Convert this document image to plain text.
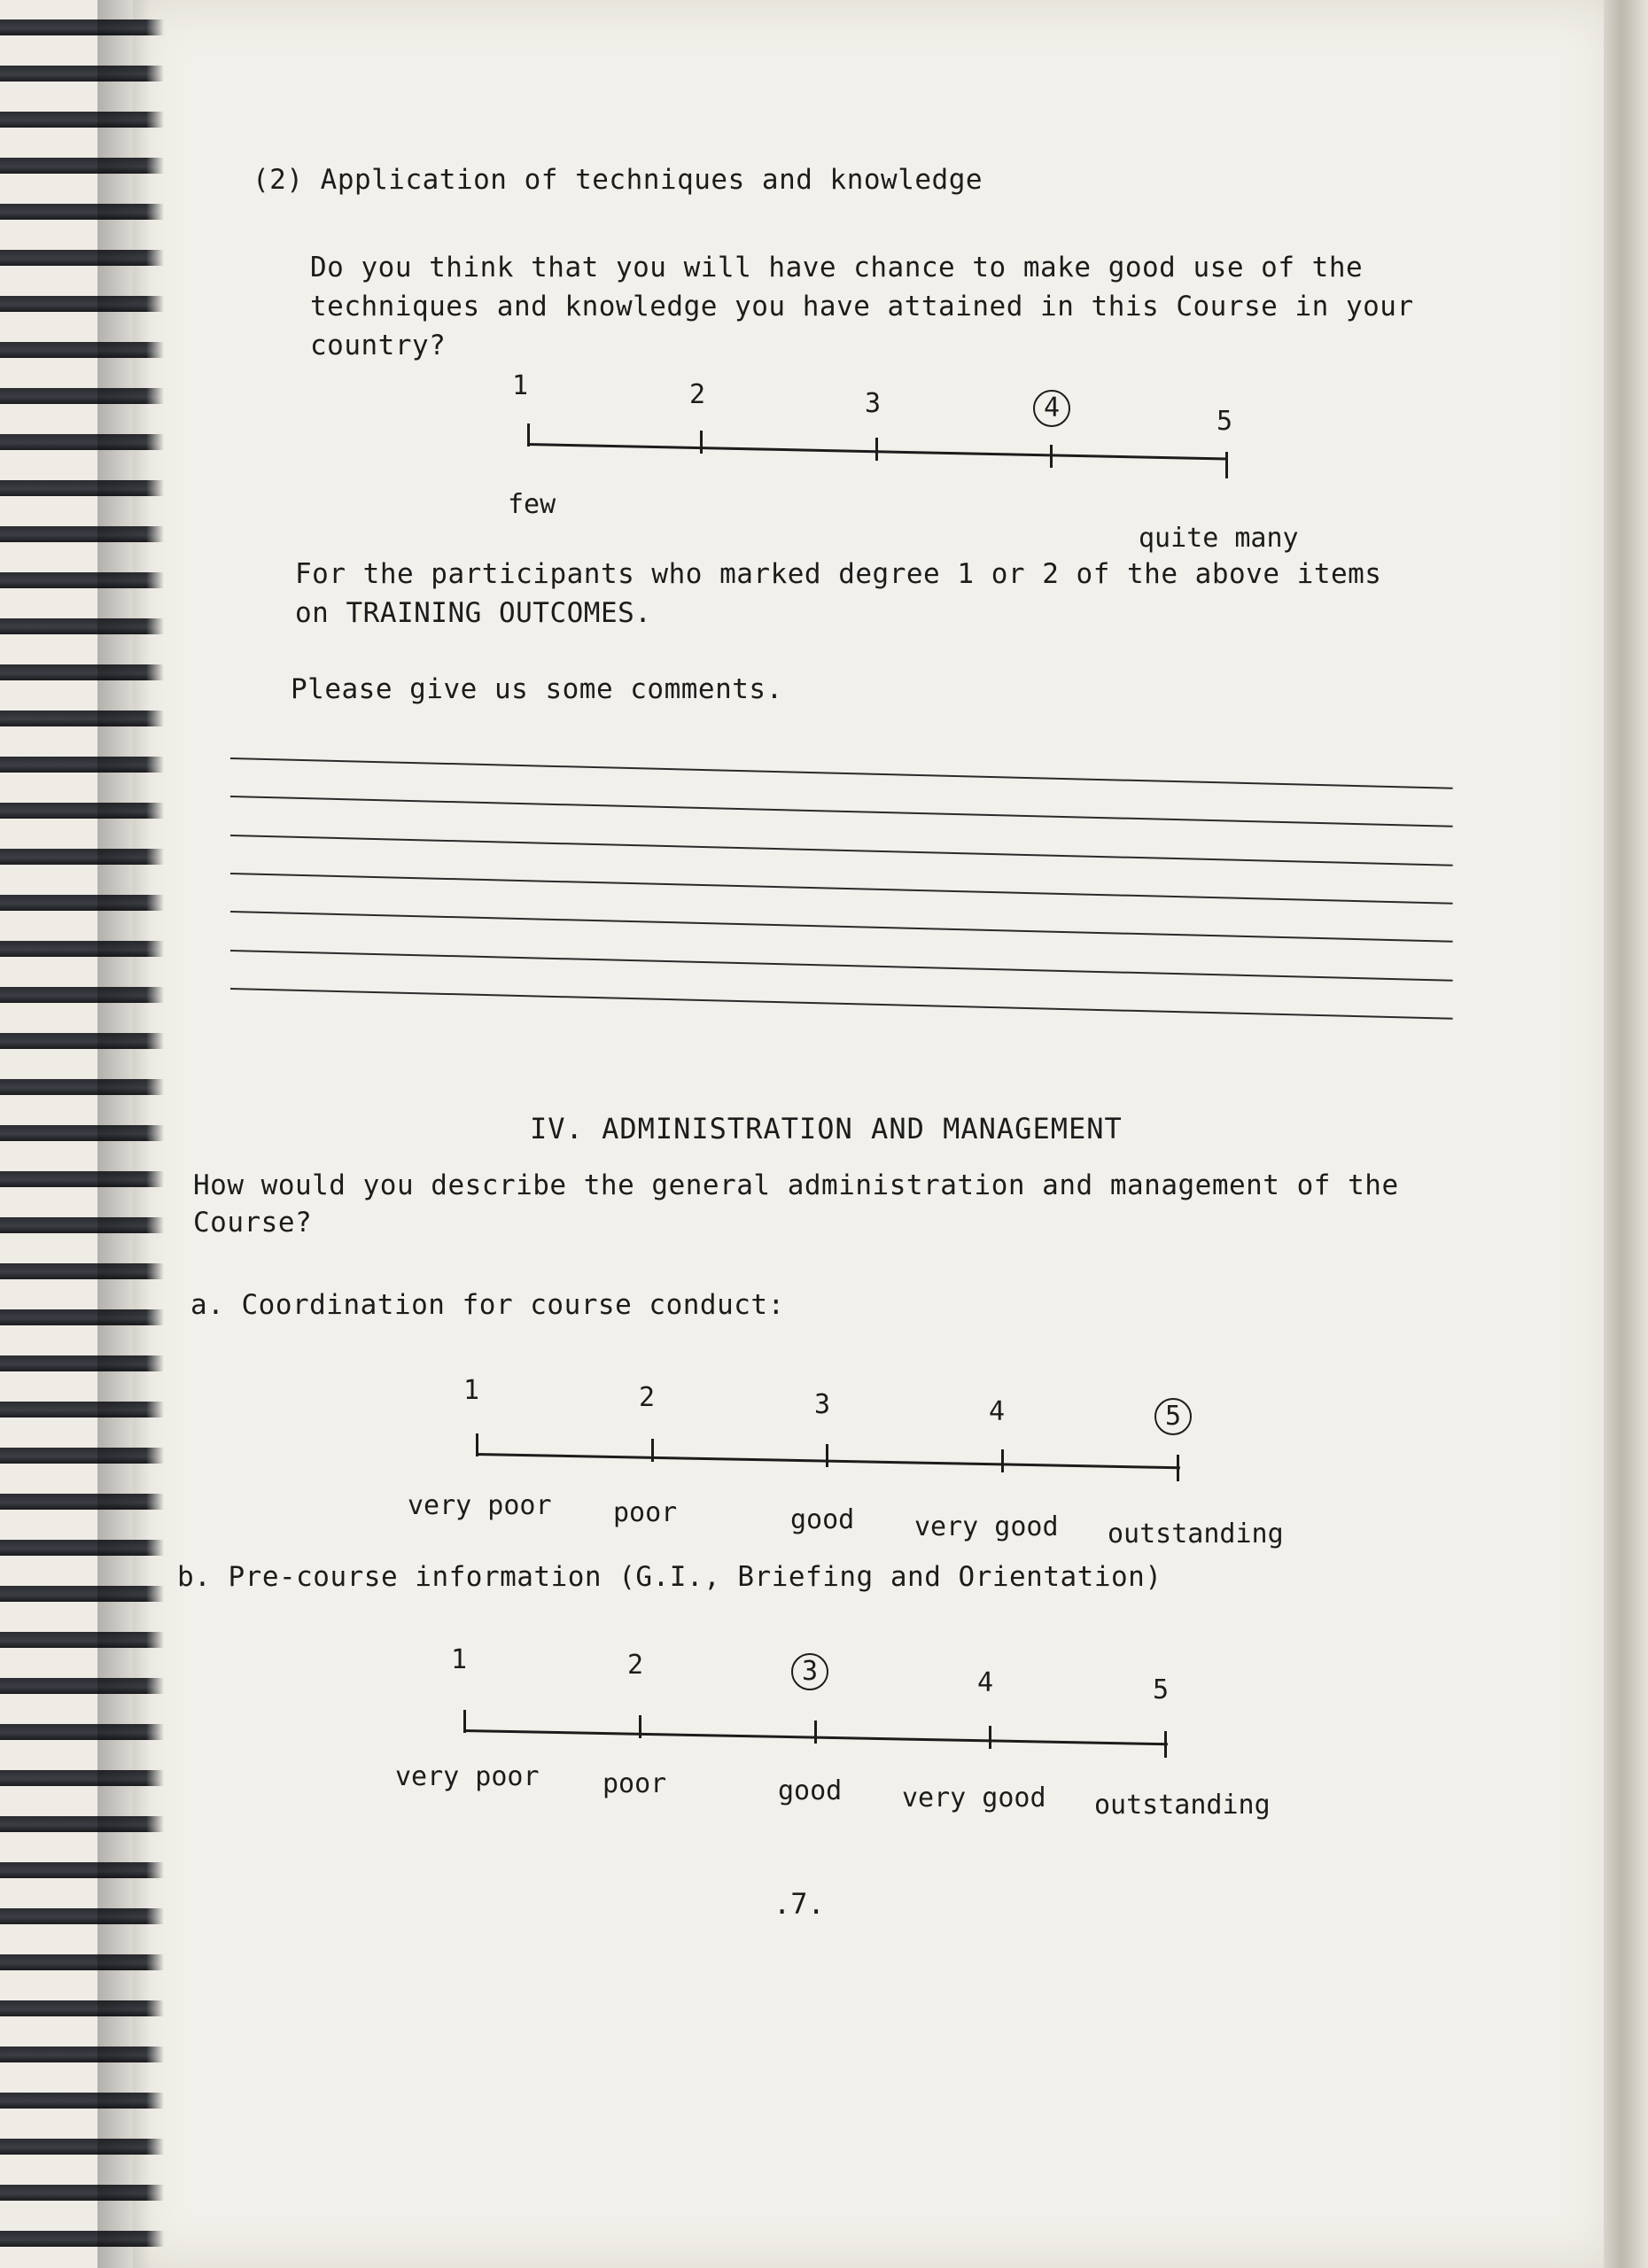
(2) Application of techniques and knowledge
Do you think that you will have chance to make good use of the techniques and knowledge you have attained in this Course in your country?
1	2	3	4	5
few
quite many
For the participants who marked degree 1 or 2 of the above items
on TRAINING OUTCOMES.
Please give us some comments.
IV. ADMINISTRATION AND MANAGEMENT
How would you describe the general administration and management of the
Course?
a. Coordination for course conduct:
1	2	3	4	5
very poor poor	good very good outstanding
b. Pre-course information (G.I., Briefing and Orientation)
1	2	3	4	5
very poor poor	good very good outstanding
.7.
